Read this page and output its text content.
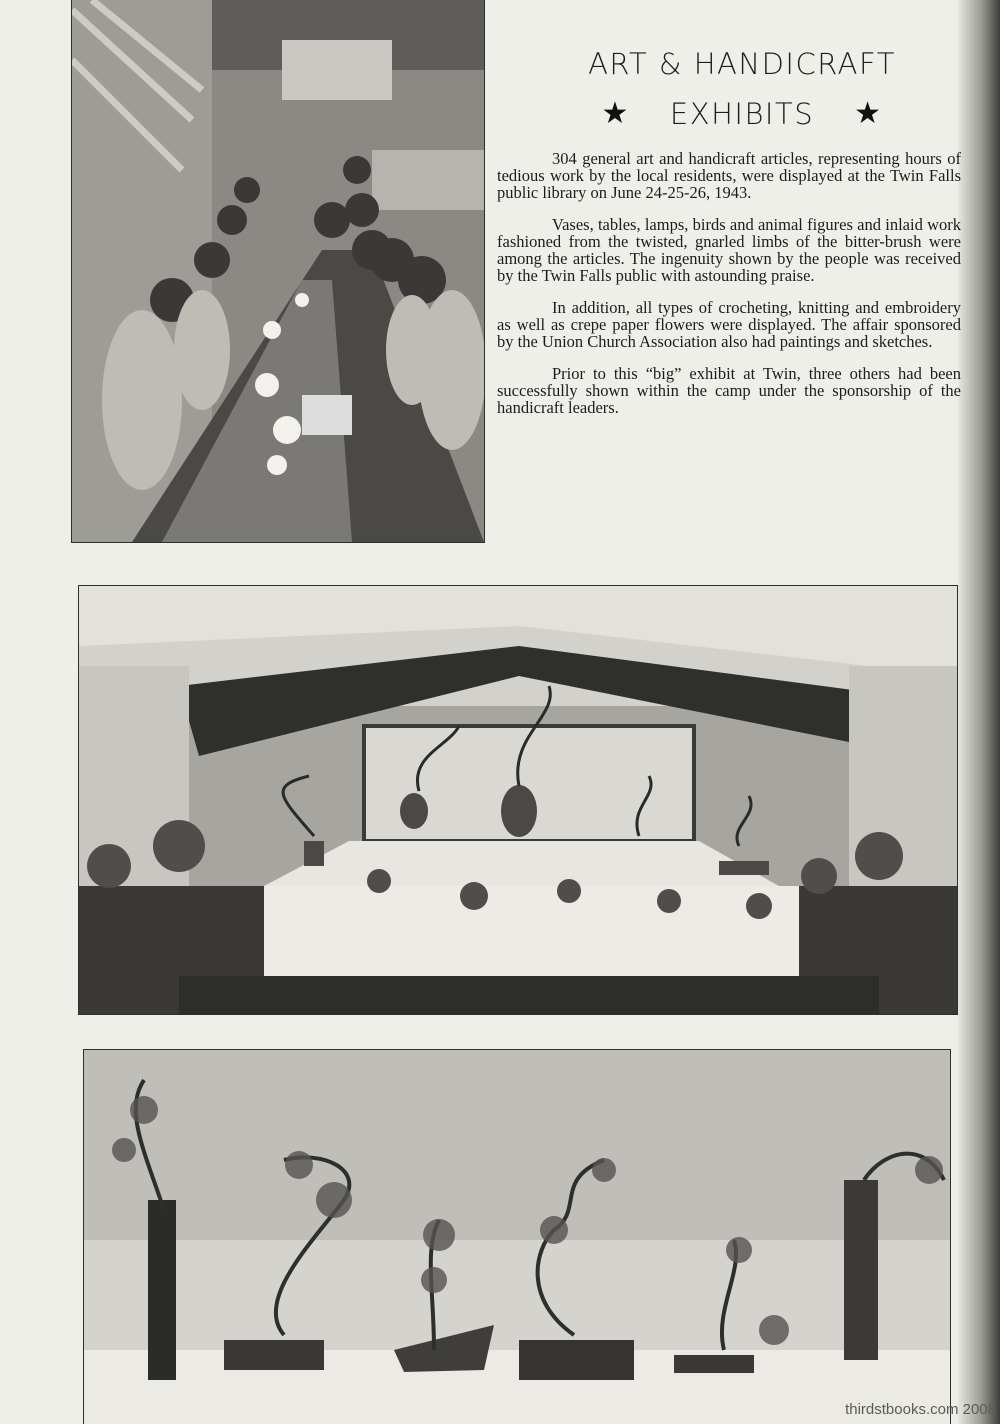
ART & HANDICRAFT
★ EXHIBITS ★

304 general art and handicraft articles, representing hours of tedious work by the local residents, were displayed at the Twin Falls public library on June 24-25-26, 1943.

Vases, tables, lamps, birds and animal figures and inlaid work fashioned from the twisted, gnarled limbs of the bitter-brush were among the articles. The ingenuity shown by the people was received by the Twin Falls public with astounding praise.

In addition, all types of crocheting, knitting and embroidery as well as crepe paper flowers were displayed. The affair sponsored by the Union Church Association also had paintings and sketches.

Prior to this “big” exhibit at Twin, three others had been successfully shown within the camp under the sponsorship of the handicraft leaders.

thirdstbooks.com 2008
